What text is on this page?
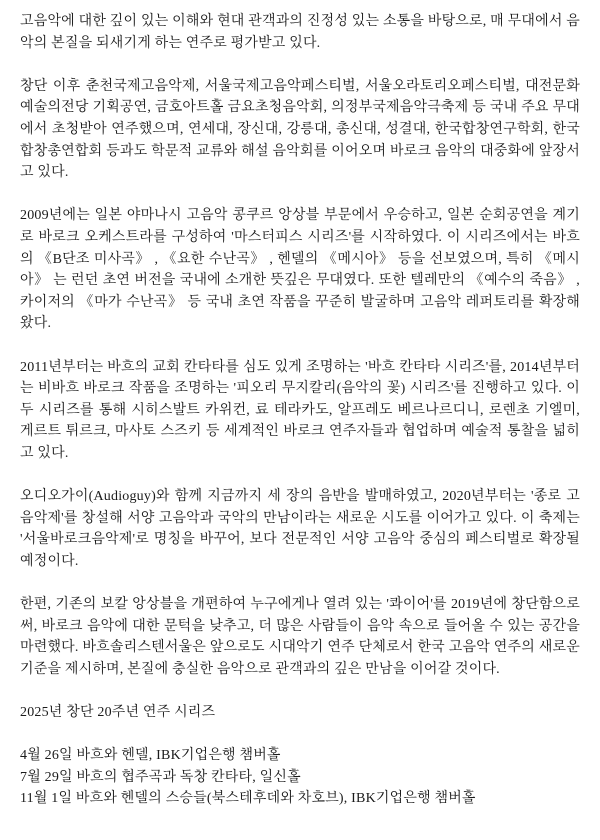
고음악에 대한 깊이 있는 이해와 현대 관객과의 진정성 있는 소통을 바탕으로, 매 무대에서 음악의 본질을 되새기게 하는 연주로 평가받고 있다.

창단 이후 춘천국제고음악제, 서울국제고음악페스티벌, 서울오라토리오페스티벌, 대전문화예술의전당 기획공연, 금호아트홀 금요초청음악회, 의정부국제음악극축제 등 국내 주요 무대에서 초청받아 연주했으며, 연세대, 장신대, 강릉대, 총신대, 성결대, 한국합창연구학회, 한국합창총연합회 등과도 학문적 교류와 해설 음악회를 이어오며 바로크 음악의 대중화에 앞장서고 있다.

2009년에는 일본 야마나시 고음악 콩쿠르 앙상블 부문에서 우승하고, 일본 순회공연을 계기로 바로크 오케스트라를 구성하여 '마스터피스 시리즈'를 시작하였다. 이 시리즈에서는 바흐의 《B단조 미사곡》 , 《요한 수난곡》 , 헨델의 《메시아》 등을 선보였으며, 특히 《메시아》 는 런던 초연 버전을 국내에 소개한 뜻깊은 무대였다. 또한 텔레만의 《예수의 죽음》 , 카이저의 《마가 수난곡》 등 국내 초연 작품을 꾸준히 발굴하며 고음악 레퍼토리를 확장해 왔다.

2011년부터는 바흐의 교회 칸타타를 심도 있게 조명하는 '바흐 칸타타 시리즈'를, 2014년부터는 비바흐 바로크 작품을 조명하는 '피오리 무지칼리(음악의 꽃) 시리즈'를 진행하고 있다. 이 두 시리즈를 통해 시히스발트 카위컨, 료 테라카도, 알프레도 베르나르디니, 로렌초 기엘미, 게르트 튀르크, 마사토 스즈키 등 세계적인 바로크 연주자들과 협업하며 예술적 통찰을 넓히고 있다.

오디오가이(Audioguy)와 함께 지금까지 세 장의 음반을 발매하였고, 2020년부터는 '종로 고음악제'를 창설해 서양 고음악과 국악의 만남이라는 새로운 시도를 이어가고 있다. 이 축제는 '서울바로크음악제'로 명칭을 바꾸어, 보다 전문적인 서양 고음악 중심의 페스티벌로 확장될 예정이다.

한편, 기존의 보칼 앙상블을 개편하여 누구에게나 열려 있는 '콰이어'를 2019년에 창단함으로써, 바로크 음악에 대한 문턱을 낮추고, 더 많은 사람들이 음악 속으로 들어올 수 있는 공간을 마련했다. 바흐솔리스텐서울은 앞으로도 시대악기 연주 단체로서 한국 고음악 연주의 새로운 기준을 제시하며, 본질에 충실한 음악으로 관객과의 깊은 만남을 이어갈 것이다.

2025년 창단 20주년 연주 시리즈

4월 26일 바흐와 헨델, IBK기업은행 챔버홀

7월 29일 바흐의 협주곡과 독창 칸타타, 일신홀

11월 1일 바흐와 헨델의 스승들(북스테후데와 차호브), IBK기업은행 챔버홀
